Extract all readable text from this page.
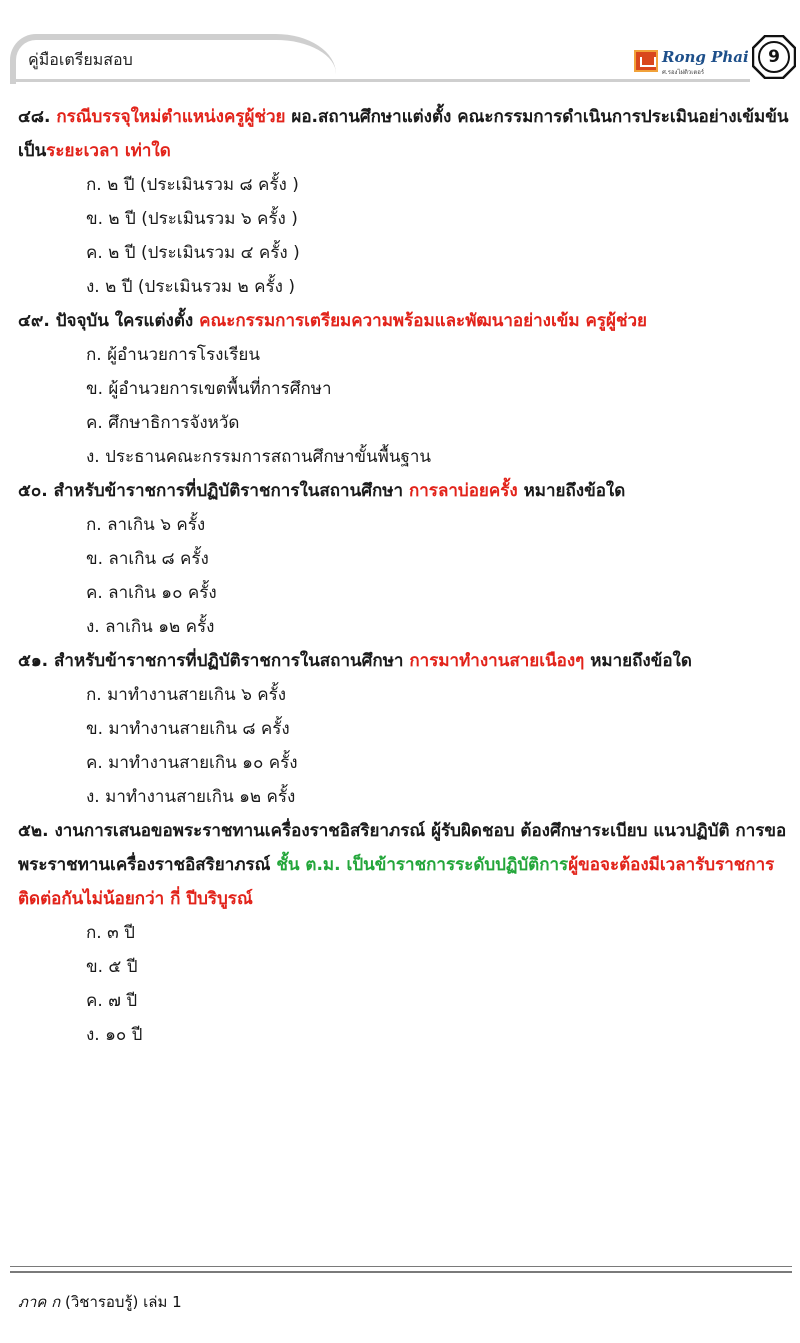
คู่มือเตรียมสอบ	Rong Phai
ศ.รองไผ่ติวเตอร์
9

๔๘. กรณีบรรจุใหม่ตำแหน่งครูผู้ช่วย ผอ.สถานศึกษาแต่งตั้ง คณะกรรมการดำเนินการประเมินอย่างเข้มข้นเป็นระยะเวลา เท่าใด

ก. ๒ ปี (ประเมินรวม ๘ ครั้ง )
ข. ๒ ปี (ประเมินรวม ๖ ครั้ง )
ค. ๒ ปี (ประเมินรวม ๔ ครั้ง )
ง. ๒ ปี (ประเมินรวม ๒ ครั้ง )

๔๙. ปัจจุบัน ใครแต่งตั้ง คณะกรรมการเตรียมความพร้อมและพัฒนาอย่างเข้ม ครูผู้ช่วย

ก. ผู้อำนวยการโรงเรียน
ข. ผู้อำนวยการเขตพื้นที่การศึกษา
ค. ศึกษาธิการจังหวัด
ง. ประธานคณะกรรมการสถานศึกษาขั้นพื้นฐาน

๕๐. สำหรับข้าราชการที่ปฏิบัติราชการในสถานศึกษา การลาบ่อยครั้ง หมายถึงข้อใด

ก. ลาเกิน ๖ ครั้ง
ข. ลาเกิน ๘ ครั้ง
ค. ลาเกิน ๑๐ ครั้ง
ง. ลาเกิน ๑๒ ครั้ง

๕๑. สำหรับข้าราชการที่ปฏิบัติราชการในสถานศึกษา การมาทำงานสายเนืองๆ หมายถึงข้อใด

ก. มาทำงานสายเกิน ๖ ครั้ง
ข. มาทำงานสายเกิน ๘ ครั้ง
ค. มาทำงานสายเกิน ๑๐ ครั้ง
ง. มาทำงานสายเกิน ๑๒ ครั้ง

๕๒. งานการเสนอขอพระราชทานเครื่องราชอิสริยาภรณ์ ผู้รับผิดชอบ ต้องศึกษาระเบียบ แนวปฏิบัติ การขอพระราชทานเครื่องราชอิสริยาภรณ์ ชั้น ต.ม. เป็นข้าราชการระดับปฏิบัติการผู้ขอจะต้องมีเวลารับราชการติดต่อกันไม่น้อยกว่า กี่ ปีบริบูรณ์

ก. ๓ ปี
ข. ๕ ปี
ค. ๗ ปี
ง. ๑๐ ปี
ภาค ก (วิชารอบรู้) เล่ม 1
